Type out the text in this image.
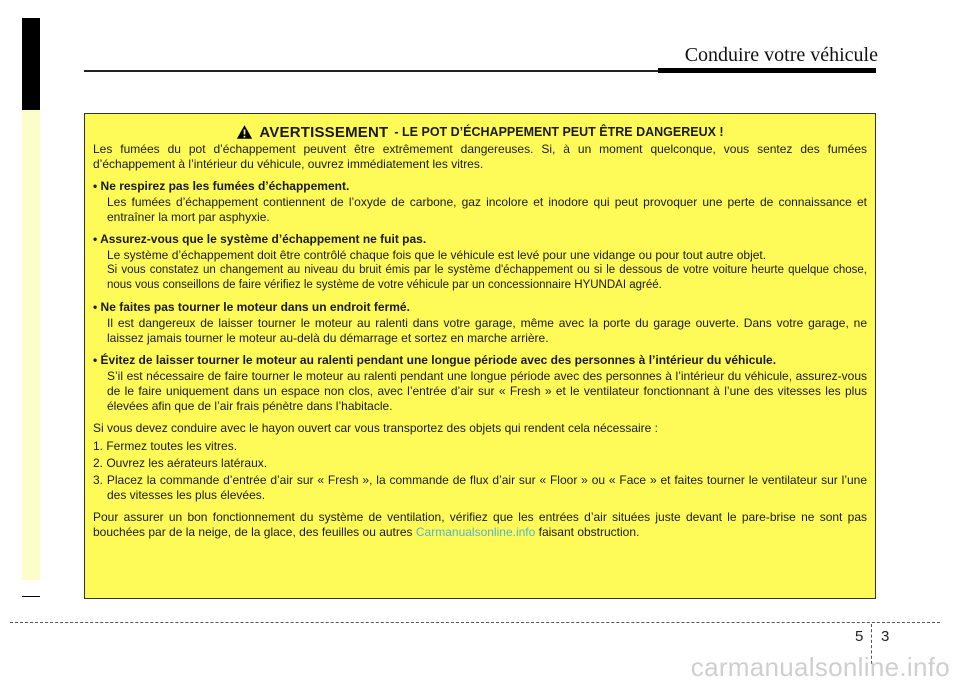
Conduire votre véhicule
AVERTISSEMENT - LE POT D’ÉCHAPPEMENT PEUT ÊTRE DANGEREUX !

Les fumées du pot d’échappement peuvent être extrêmement dangereuses. Si, à un moment quelconque, vous sentez des fumées d’échappement à l’intérieur du véhicule, ouvrez immédiatement les vitres.

• Ne respirez pas les fumées d’échappement.
Les fumées d’échappement contiennent de l’oxyde de carbone, gaz incolore et inodore qui peut provoquer une perte de connaissance et entraîner la mort par asphyxie.
• Assurez-vous que le système d’échappement ne fuit pas.
Le système d’échappement doit être contrôlé chaque fois que le véhicule est levé pour une vidange ou pour tout autre objet.
Si vous constatez un changement au niveau du bruit émis par le système d'échappement ou si le dessous de votre voiture heurte quelque chose, nous vous conseillons de faire vérifiez le système de votre véhicule par un concessionnaire HYUNDAI agréé.
• Ne faites pas tourner le moteur dans un endroit fermé.
Il est dangereux de laisser tourner le moteur au ralenti dans votre garage, même avec la porte du garage ouverte. Dans votre garage, ne laissez jamais tourner le moteur au-delà du démarrage et sortez en marche arrière.
• Évitez de laisser tourner le moteur au ralenti pendant une longue période avec des personnes à l’intérieur du véhicule.
S’il est nécessaire de faire tourner le moteur au ralenti pendant une longue période avec des personnes à l’intérieur du véhicule, assurez-vous de le faire uniquement dans un espace non clos, avec l’entrée d’air sur « Fresh » et le ventilateur fonctionnant à l’une des vitesses les plus élevées afin que de l’air frais pénètre dans l’habitacle.

Si vous devez conduire avec le hayon ouvert car vous transportez des objets qui rendent cela nécessaire :

1. Fermez toutes les vitres.
2. Ouvrez les aérateurs latéraux.
3. Placez la commande d’entrée d’air sur « Fresh », la commande de flux d’air sur « Floor » ou « Face » et faites tourner le ventilateur sur l’une des vitesses les plus élevées.

Pour assurer un bon fonctionnement du système de ventilation, vérifiez que les entrées d’air situées juste devant le pare-brise ne sont pas bouchées par de la neige, de la glace, des feuilles ou autres Carmanualsonline.info faisant obstruction.

5 3
carmanualsonline.info
